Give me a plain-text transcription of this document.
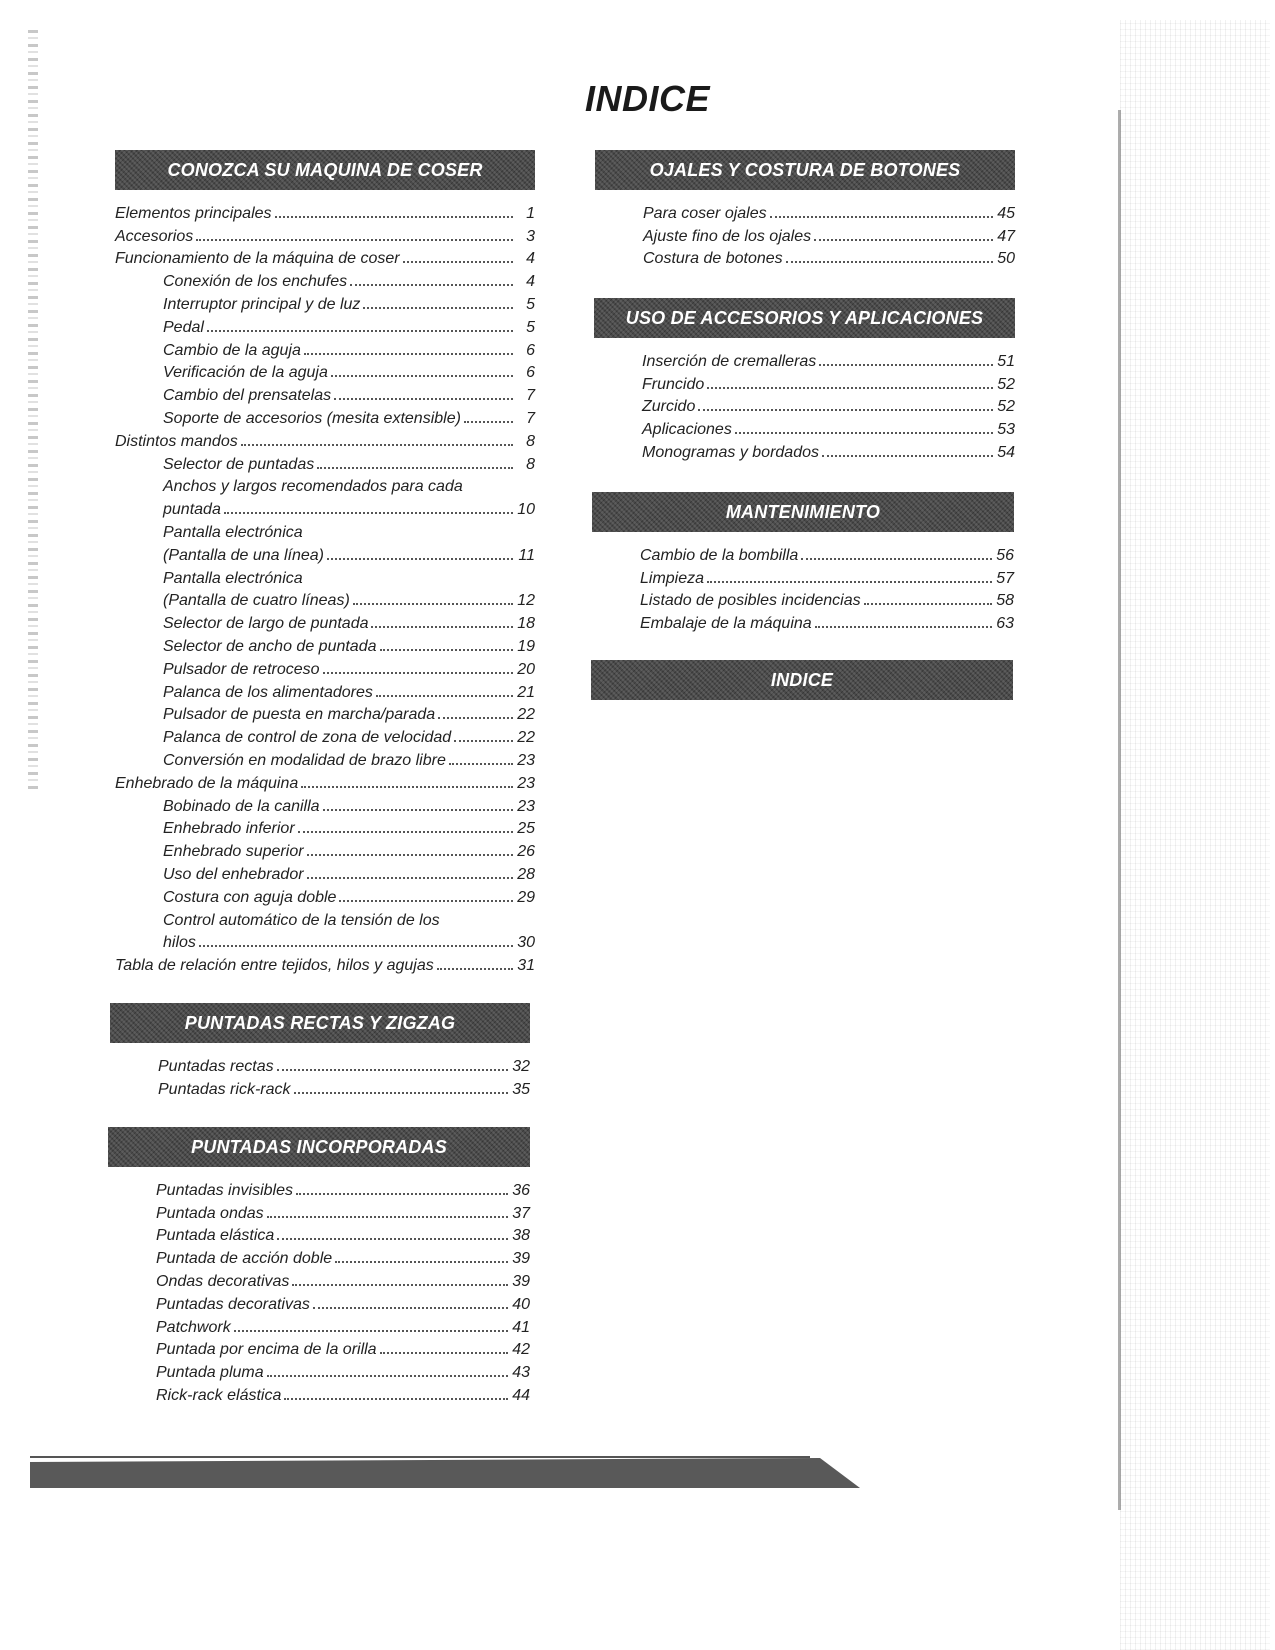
INDICE
CONOZCA SU MAQUINA DE COSER
Elementos principales	1
Accesorios	3
Funcionamiento de la máquina de coser	4
Conexión de los enchufes	4
Interruptor principal y de luz	5
Pedal	5
Cambio de la aguja	6
Verificación de la aguja	6
Cambio del prensatelas	7
Soporte de accesorios (mesita extensible)	7
Distintos mandos	8
Selector de puntadas	8
Anchos y largos recomendados para cada
puntada	10
Pantalla electrónica
(Pantalla de una línea)	11
Pantalla electrónica
(Pantalla de cuatro líneas)	12
Selector de largo de puntada	18
Selector de ancho de puntada	19
Pulsador de retroceso	20
Palanca de los alimentadores	21
Pulsador de puesta en marcha/parada	22
Palanca de control de zona de velocidad	22
Conversión en modalidad de brazo libre	23
Enhebrado de la máquina	23
Bobinado de la canilla	23
Enhebrado inferior	25
Enhebrado superior	26
Uso del enhebrador	28
Costura con aguja doble	29
Control automático de la tensión de los
hilos	30
Tabla de relación entre tejidos, hilos y agujas	31
PUNTADAS RECTAS Y ZIGZAG
Puntadas rectas	32
Puntadas rick-rack	35
PUNTADAS INCORPORADAS
Puntadas invisibles	36
Puntada ondas	37
Puntada elástica	38
Puntada de acción doble	39
Ondas decorativas	39
Puntadas decorativas	40
Patchwork	41
Puntada por encima de la orilla	42
Puntada pluma	43
Rick-rack elástica	44
OJALES Y COSTURA DE BOTONES
Para coser ojales	45
Ajuste fino de los ojales	47
Costura de botones	50
USO DE ACCESORIOS Y APLICACIONES
Inserción de cremalleras	51
Fruncido	52
Zurcido	52
Aplicaciones	53
Monogramas y bordados	54
MANTENIMIENTO
Cambio de la bombilla	56
Limpieza	57
Listado de posibles incidencias	58
Embalaje de la máquina	63
INDICE
